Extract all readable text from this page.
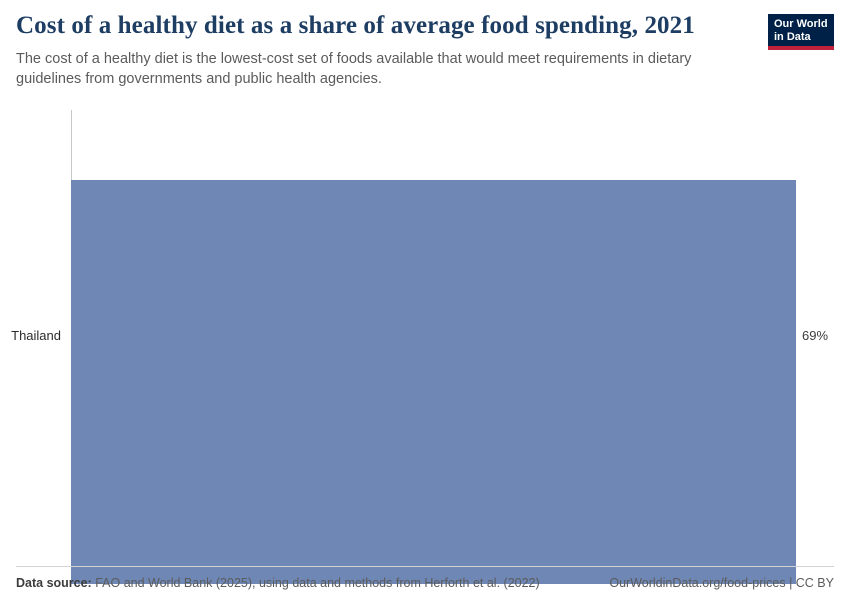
Cost of a healthy diet as a share of average food spending, 2021

The cost of a healthy diet is the lowest-cost set of foods available that would meet requirements in dietary guidelines from governments and public health agencies.

Our World
in Data
Thailand	69%
Data source: FAO and World Bank (2025), using data and methods from Herforth et al. (2022)	OurWorldinData.org/food-prices | CC BY
